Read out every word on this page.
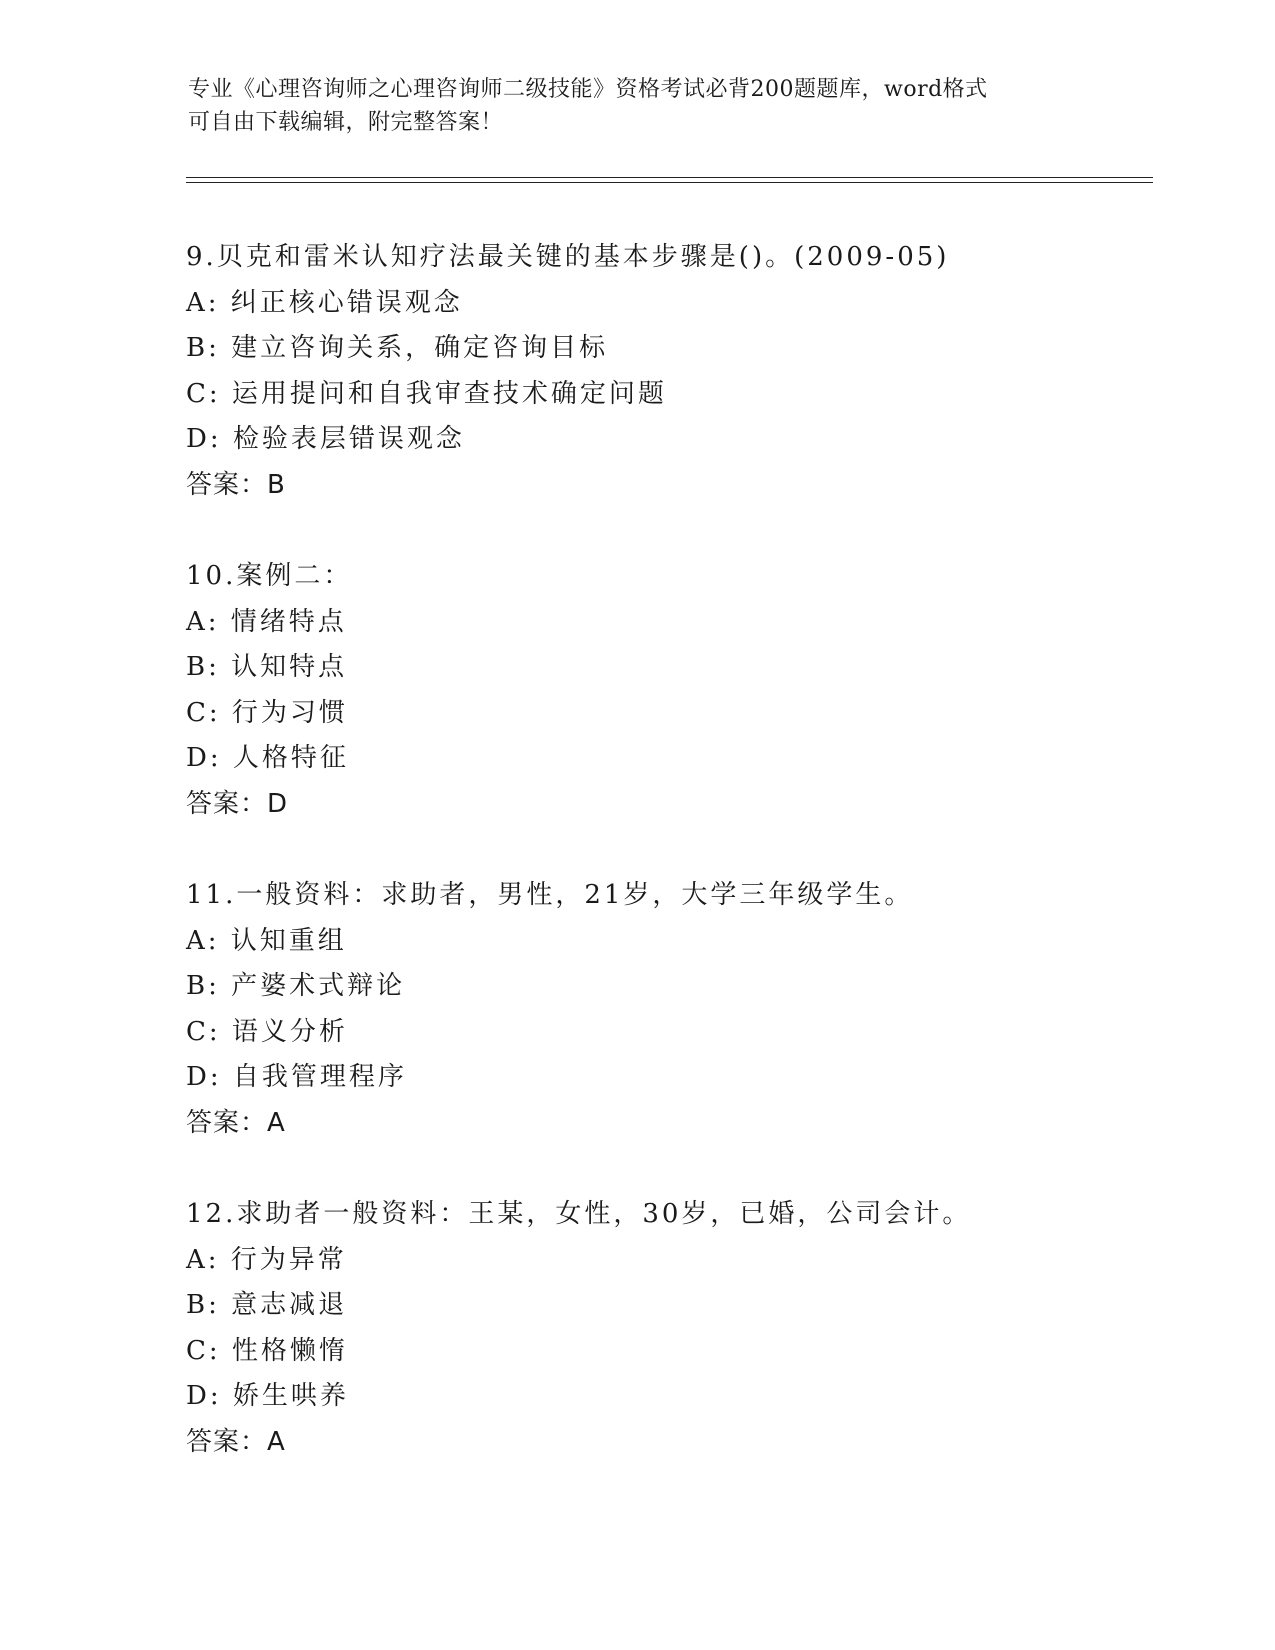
专业《心理咨询师之心理咨询师二级技能》资格考试必背200题题库，word格式
可自由下载编辑，附完整答案！
9.贝克和雷米认知疗法最关键的基本步骤是()。(2009-05)
A: 纠正核心错误观念
B: 建立咨询关系，确定咨询目标
C: 运用提问和自我审查技术确定问题
D: 检验表层错误观念
答案：B
10.案例二：
A: 情绪特点
B: 认知特点
C: 行为习惯
D: 人格特征
答案：D
11.一般资料：求助者，男性，21岁，大学三年级学生。
A: 认知重组
B: 产婆术式辩论
C: 语义分析
D: 自我管理程序
答案：A
12.求助者一般资料：王某，女性，30岁，已婚，公司会计。
A: 行为异常
B: 意志减退
C: 性格懒惰
D: 娇生哄养
答案：A
